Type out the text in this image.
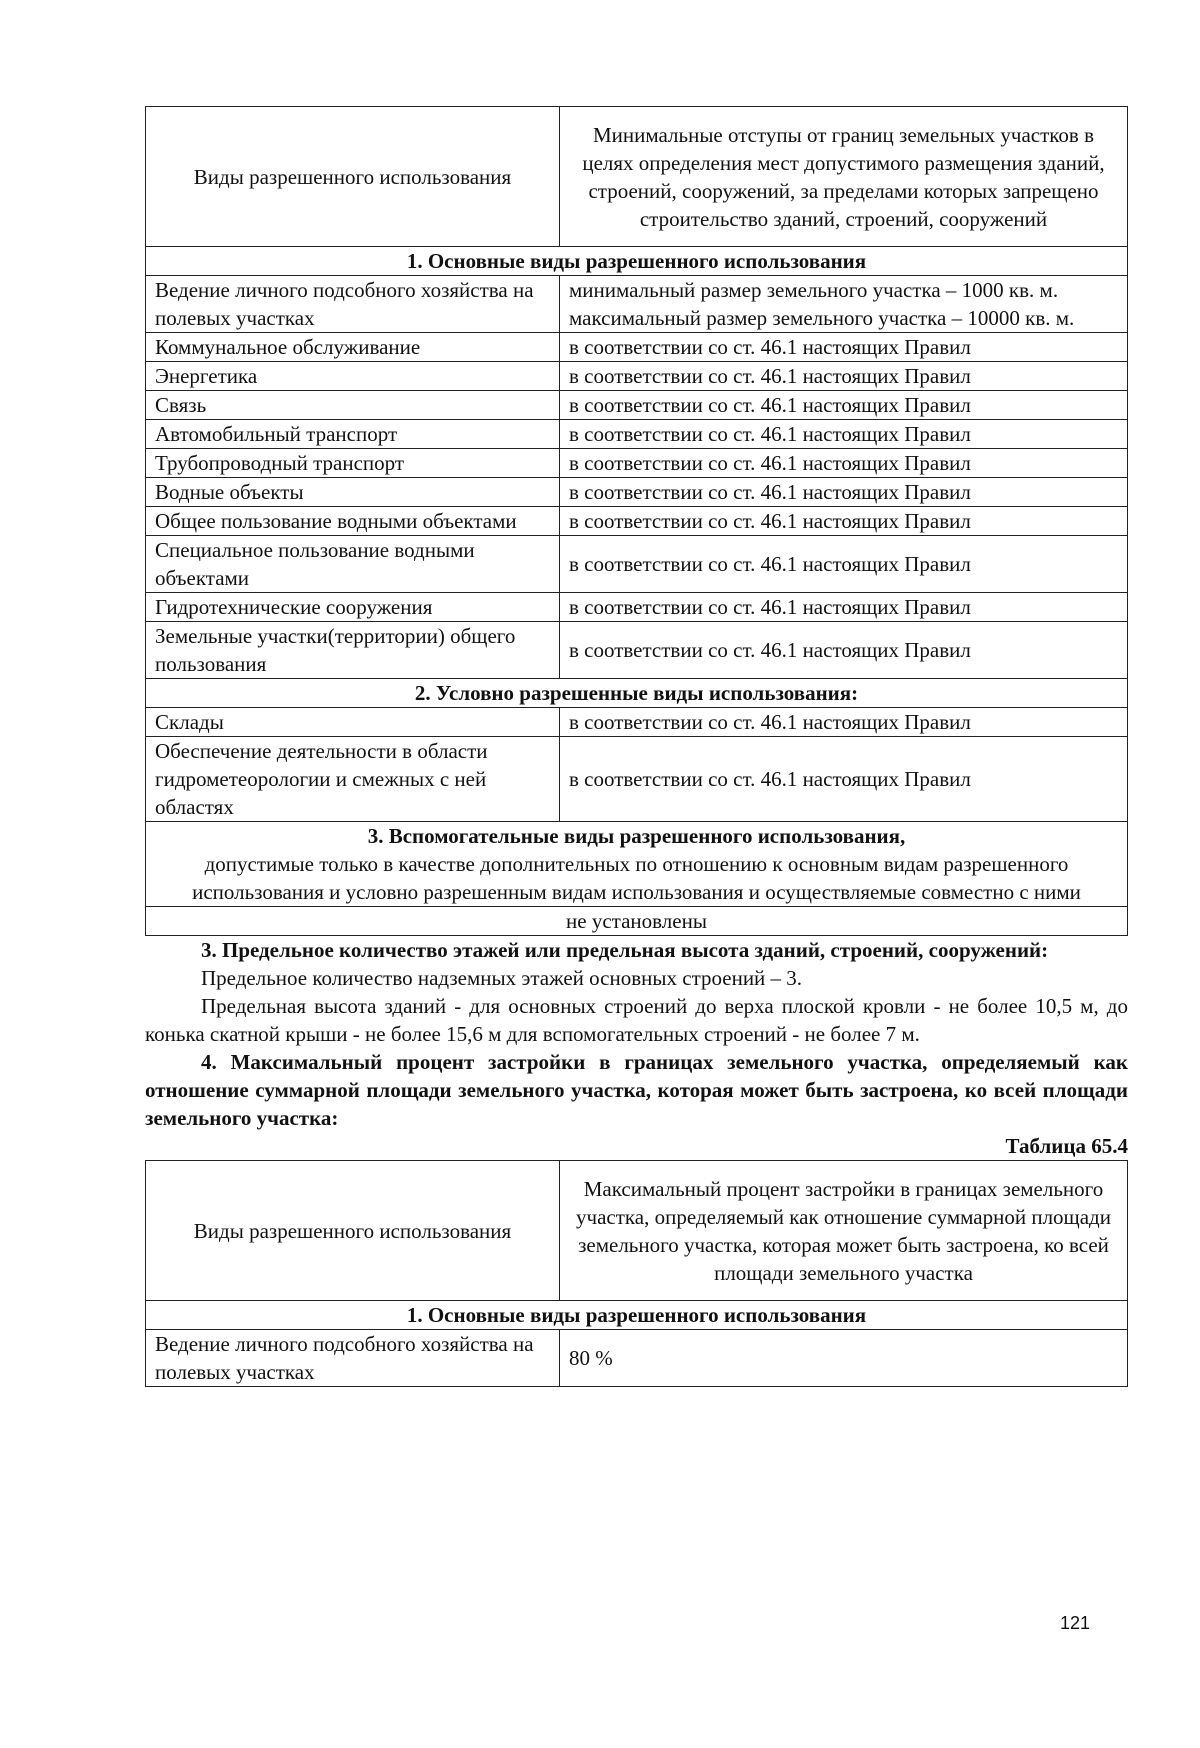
Виды разрешенного использования	Минимальные отступы от границ земельных участков в целях определения мест допустимого размещения зданий, строений, сооружений, за пределами которых запрещено строительство зданий, строений, сооружений
1. Основные виды разрешенного использования	
Ведение личного подсобного хозяйства на полевых участках	минимальный размер земельного участка – 1000 кв. м.
максимальный размер земельного участка – 10000 кв. м.

Коммунальное обслуживание	в соответствии со ст. 46.1 настоящих Правил
Энергетика	в соответствии со ст. 46.1 настоящих Правил
Связь	в соответствии со ст. 46.1 настоящих Правил
Автомобильный транспорт	в соответствии со ст. 46.1 настоящих Правил
Трубопроводный транспорт	в соответствии со ст. 46.1 настоящих Правил
Водные объекты	в соответствии со ст. 46.1 настоящих Правил
Общее пользование водными объектами	в соответствии со ст. 46.1 настоящих Правил
Специальное пользование водными объектами	в соответствии со ст. 46.1 настоящих Правил
Гидротехнические сооружения	в соответствии со ст. 46.1 настоящих Правил
Земельные участки(территории) общего пользования	в соответствии со ст. 46.1 настоящих Правил
2. Условно разрешенные виды использования:	
Склады	в соответствии со ст. 46.1 настоящих Правил
Обеспечение деятельности в области гидрометеорологии и смежных с ней областях	в соответствии со ст. 46.1 настоящих Правил

3. Вспомогательные виды разрешенного использования,
допустимые только в качестве дополнительных по отношению к основным видам разрешенного использования и условно разрешенным видам использования и осуществляемые совместно с ними	

не установлены	

3. Предельное количество этажей или предельная высота зданий, строений, сооружений:

Предельное количество надземных этажей основных строений – 3.

Предельная высота зданий - для основных строений до верха плоской кровли - не более 10,5 м, до конька скатной крыши - не более 15,6 м для вспомогательных строений - не более 7 м.

4. Максимальный процент застройки в границах земельного участка, определяемый как отношение суммарной площади земельного участка, которая может быть застроена, ко всей площади земельного участка:

Таблица 65.4

Виды разрешенного использования	Максимальный процент застройки в границах земельного участка, определяемый как отношение суммарной площади земельного участка, которая может быть застроена, ко всей площади земельного участка
1. Основные виды разрешенного использования	
Ведение личного подсобного хозяйства на полевых участках	80 %
121
